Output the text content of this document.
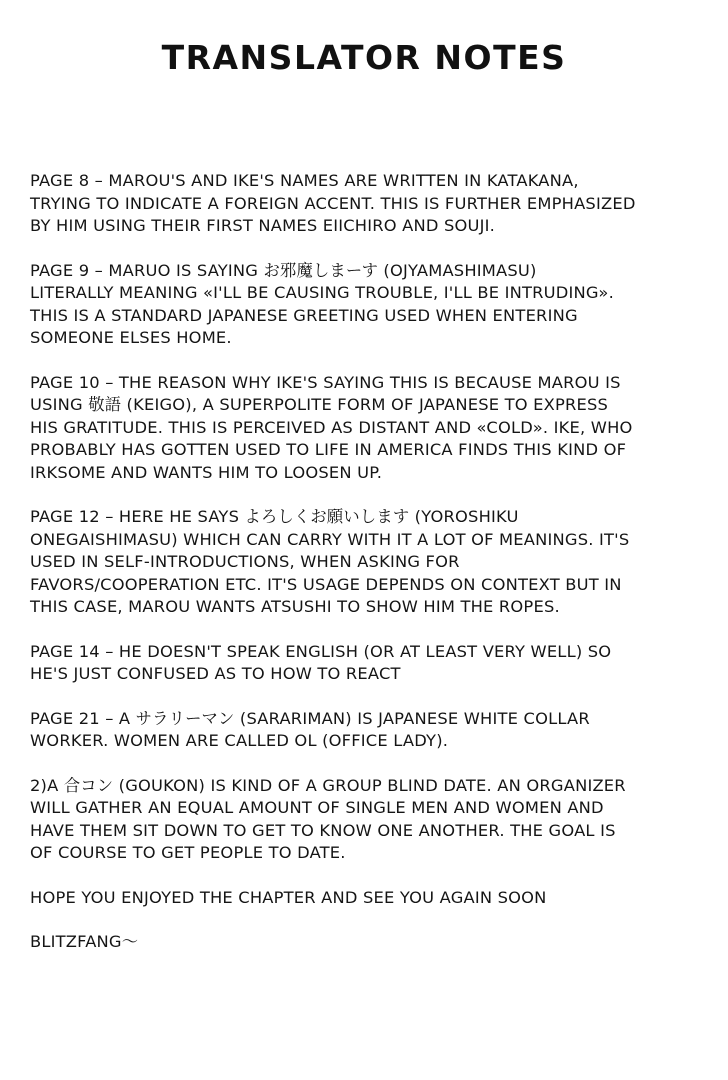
TRANSLATOR NOTES

PAGE 8 – MAROU'S AND IKE'S NAMES ARE WRITTEN IN KATAKANA,
TRYING TO INDICATE A FOREIGN ACCENT. THIS IS FURTHER EMPHASIZED
BY HIM USING THEIR FIRST NAMES EIICHIRO AND SOUJI.

PAGE 9 – MARUO IS SAYING お邪魔しまーす (OJYAMASHIMASU)
LITERALLY MEANING «I'LL BE CAUSING TROUBLE, I'LL BE INTRUDING».
THIS IS A STANDARD JAPANESE GREETING USED WHEN ENTERING
SOMEONE ELSES HOME.

PAGE 10 – THE REASON WHY IKE'S SAYING THIS IS BECAUSE MAROU IS
USING 敬語 (KEIGO), A SUPERPOLITE FORM OF JAPANESE TO EXPRESS
HIS GRATITUDE. THIS IS PERCEIVED AS DISTANT AND «COLD». IKE, WHO
PROBABLY HAS GOTTEN USED TO LIFE IN AMERICA FINDS THIS KIND OF
IRKSOME AND WANTS HIM TO LOOSEN UP.

PAGE 12 – HERE HE SAYS よろしくお願いします (YOROSHIKU
ONEGAISHIMASU) WHICH CAN CARRY WITH IT A LOT OF MEANINGS. IT'S
USED IN SELF-INTRODUCTIONS, WHEN ASKING FOR
FAVORS/COOPERATION ETC. IT'S USAGE DEPENDS ON CONTEXT BUT IN
THIS CASE, MAROU WANTS ATSUSHI TO SHOW HIM THE ROPES.

PAGE 14 – HE DOESN'T SPEAK ENGLISH (OR AT LEAST VERY WELL) SO
HE'S JUST CONFUSED AS TO HOW TO REACT

PAGE 21 – A サラリーマン (SARARIMAN) IS JAPANESE WHITE COLLAR
WORKER. WOMEN ARE CALLED OL (OFFICE LADY).

2)A 合コン (GOUKON) IS KIND OF A GROUP BLIND DATE. AN ORGANIZER
WILL GATHER AN EQUAL AMOUNT OF SINGLE MEN AND WOMEN AND
HAVE THEM SIT DOWN TO GET TO KNOW ONE ANOTHER. THE GOAL IS
OF COURSE TO GET PEOPLE TO DATE.

HOPE YOU ENJOYED THE CHAPTER AND SEE YOU AGAIN SOON

BLITZFANG～
